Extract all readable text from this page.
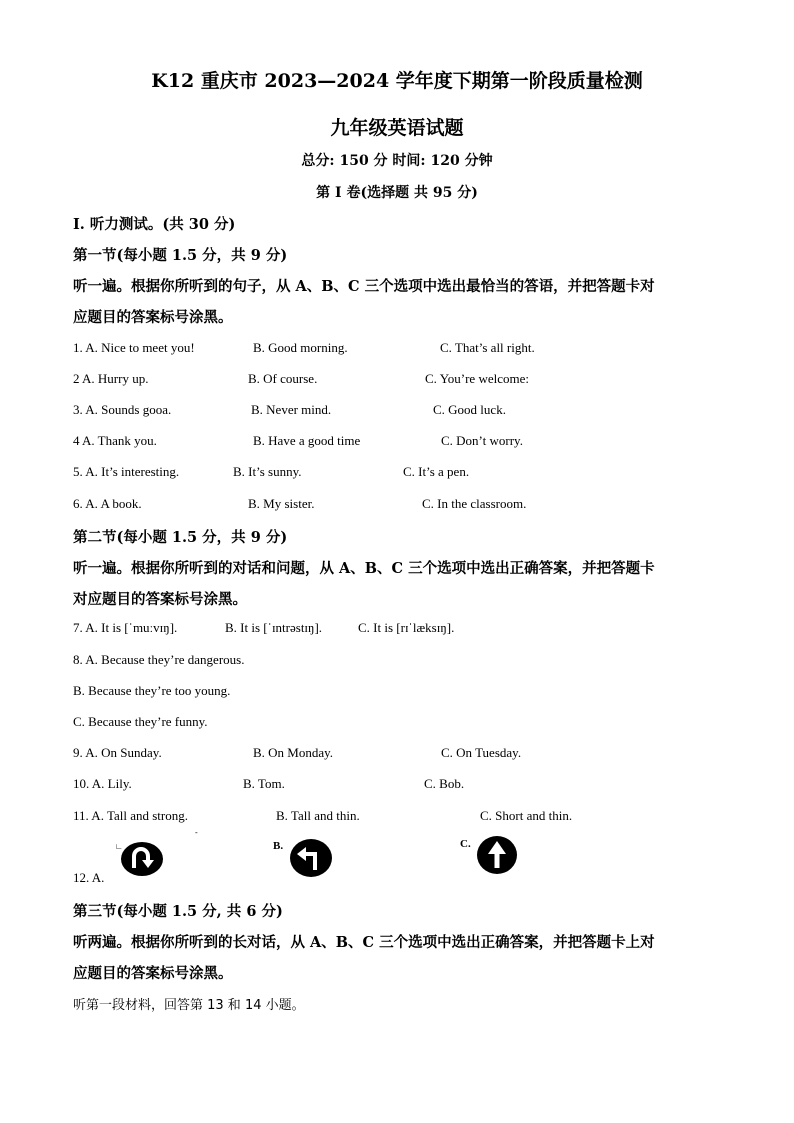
K12 重庆市 2023—2024 学年度下期第一阶段质量检测
九年级英语试题
总分: 150 分 时间: 120 分钟
第 I 卷(选择题 共 95 分)
I. 听力测试。(共 30 分)
第一节(每小题 1.5 分，共 9 分)
听一遍。根据你所听到的句子，从 A、B、C 三个选项中选出最恰当的答语，并把答题卡对
应题目的答案标号涂黑。
1. A. Nice to meet you!	B. Good morning.	C. That’s all right.
2 A. Hurry up.	B. Of course.	C. You’re welcome:
3. A. Sounds gooa.	B. Never mind.	C. Good luck.
4 A. Thank you.	B. Have a good time	C. Don’t worry.
5. A. It’s interesting.	B. It’s sunny.	C. It’s a pen.
6. A. A book.	B. My sister.	C. In the classroom.
第二节(每小题 1.5 分，共 9 分)
听一遍。根据你所听到的对话和问题，从 A、B、C 三个选项中选出正确答案，并把答题卡
对应题目的答案标号涂黑。
7. A. It is [ˈmuːvɪŋ].	B. It is [ˈɪntrəstɪŋ].	C. It is [rɪˈlæksɪŋ].
8. A. Because they’re dangerous.
B. Because they’re too young.
C. Because they’re funny.
9. A. On Sunday.	B. On Monday.	C. On Tuesday.
10. A. Lily.	B. Tom.	C. Bob.
11. A. Tall and strong.	B. Tall and thin.	C. Short and thin.
12. A.
∟
-
B.	C.
第三节(每小题 1.5 分, 共 6 分)
听两遍。根据你所听到的长对话，从 A、B、C 三个选项中选出正确答案，并把答题卡上对
应题目的答案标号涂黑。
听第一段材料，回答第 13 和 14 小题。
